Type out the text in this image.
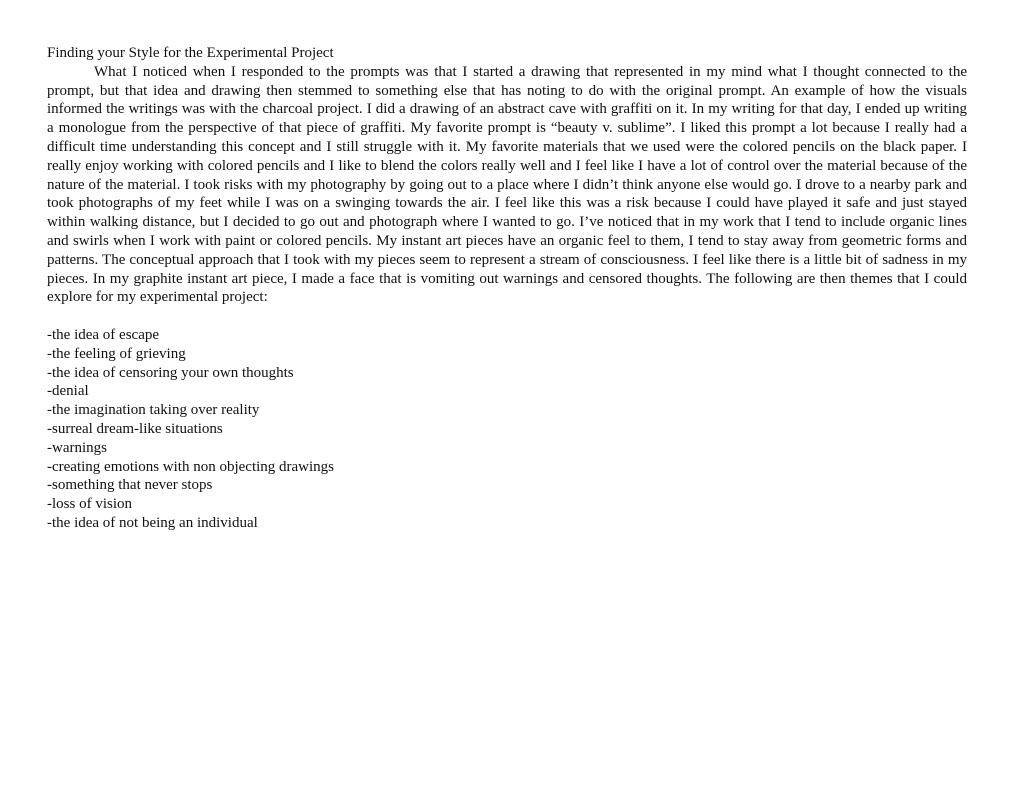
Finding your Style for the Experimental Project

What I noticed when I responded to the prompts was that I started a drawing that represented in my mind what I thought connected to the prompt, but that idea and drawing then stemmed to something else that has noting to do with the original prompt. An example of how the visuals informed the writings was with the charcoal project. I did a drawing of an abstract cave with graffiti on it. In my writing for that day, I ended up writing a monologue from the perspective of that piece of graffiti. My favorite prompt is “beauty v. sublime”. I liked this prompt a lot because I really had a difficult time understanding this concept and I still struggle with it. My favorite materials that we used were the colored pencils on the black paper. I really enjoy working with colored pencils and I like to blend the colors really well and I feel like I have a lot of control over the material because of the nature of the material. I took risks with my photography by going out to a place where I didn’t think anyone else would go. I drove to a nearby park and took photographs of my feet while I was on a swinging towards the air. I feel like this was a risk because I could have played it safe and just stayed within walking distance, but I decided to go out and photograph where I wanted to go. I’ve noticed that in my work that I tend to include organic lines and swirls when I work with paint or colored pencils. My instant art pieces have an organic feel to them, I tend to stay away from geometric forms and patterns. The conceptual approach that I took with my pieces seem to represent a stream of consciousness. I feel like there is a little bit of sadness in my pieces. In my graphite instant art piece, I made a face that is vomiting out warnings and censored thoughts. The following are then themes that I could explore for my experimental project:

-the idea of escape
-the feeling of grieving
-the idea of censoring your own thoughts
-denial
-the imagination taking over reality
-surreal dream-like situations
-warnings
-creating emotions with non objecting drawings
-something that never stops
-loss of vision
-the idea of not being an individual
